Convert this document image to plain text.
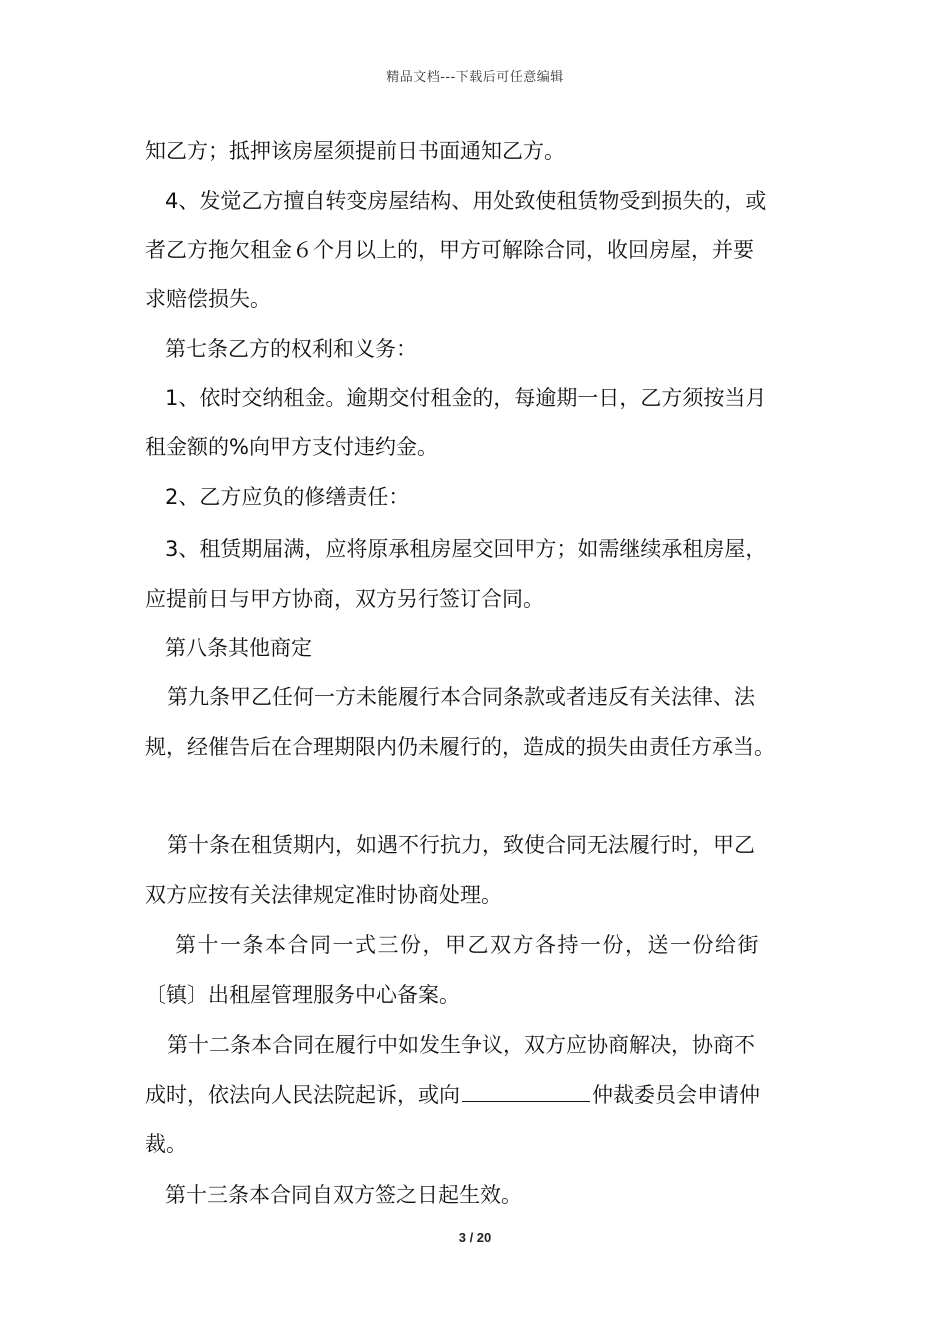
精品文档---下载后可任意编辑
知乙方；抵押该房屋须提前日书面通知乙方。
4、发觉乙方擅自转变房屋结构、用处致使租赁物受到损失的，或
者乙方拖欠租金６个月以上的，甲方可解除合同，收回房屋，并要
求赔偿损失。
第七条乙方的权利和义务：
1、依时交纳租金。逾期交付租金的，每逾期一日，乙方须按当月
租金额的%向甲方支付违约金。
2、乙方应负的修缮责任：
3、租赁期届满，应将原承租房屋交回甲方；如需继续承租房屋，
应提前日与甲方协商，双方另行签订合同。
第八条其他商定
第九条甲乙任何一方未能履行本合同条款或者违反有关法律、法
规，经催告后在合理期限内仍未履行的，造成的损失由责任方承当。
第十条在租赁期内，如遇不行抗力，致使合同无法履行时，甲乙
双方应按有关法律规定准时协商处理。
第十一条本合同一式三份，甲乙双方各持一份，送一份给街
〔镇〕出租屋管理服务中心备案。
第十二条本合同在履行中如发生争议，双方应协商解决，协商不
成时，依法向人民法院起诉，或向	仲裁委员会申请仲
裁。
第十三条本合同自双方签之日起生效。
3 / 20
